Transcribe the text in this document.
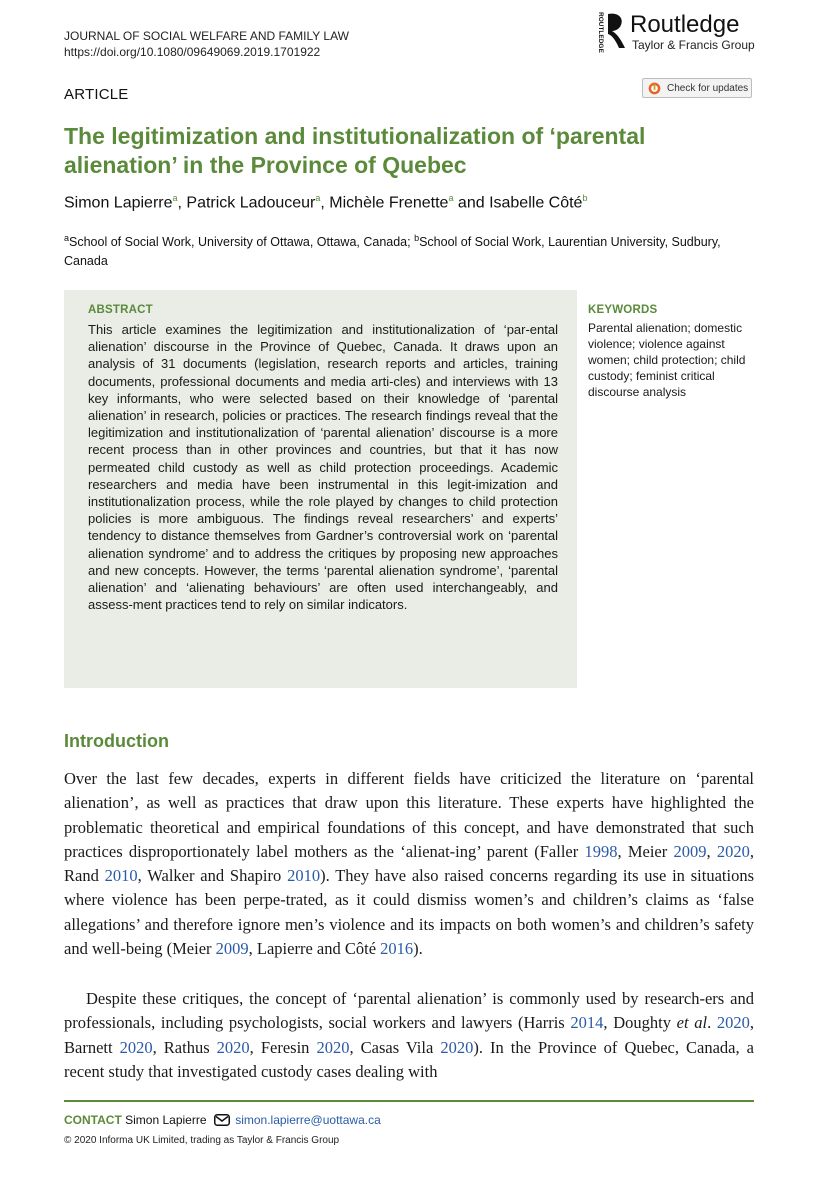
JOURNAL OF SOCIAL WELFARE AND FAMILY LAW
https://doi.org/10.1080/09649069.2019.1701922	ROUTLEDGE Routledge
Taylor & Francis Group
ARTICLE	Check for updates
The legitimization and institutionalization of ‘parental
alienation’ in the Province of Quebec
Simon Lapierre$^a$, Patrick Ladouceur$^a$, Michèle Frenette$^a$ and Isabelle Côté$^b$
$^a$School of Social Work, University of Ottawa, Ottawa, Canada; $^b$School of Social Work, Laurentian University, Sudbury, Canada
ABSTRACT
This article examines the legitimization and institutionalization of ‘par-ental alienation’ discourse in the Province of Quebec, Canada. It draws upon an analysis of 31 documents (legislation, research reports and articles, training documents, professional documents and media arti-cles) and interviews with 13 key informants, who were selected based on their knowledge of ‘parental alienation’ in research, policies or practices. The research findings reveal that the legitimization and institutionalization of ‘parental alienation’ discourse is a more recent process than in other provinces and countries, but that it has now permeated child custody as well as child protection proceedings. Academic researchers and media have been instrumental in this legit-imization and institutionalization process, while the role played by changes to child protection policies is more ambiguous. The findings reveal researchers’ and experts’ tendency to distance themselves from Gardner’s controversial work on ‘parental alienation syndrome’ and to address the critiques by proposing new approaches and new concepts. However, the terms ‘parental alienation syndrome’, ‘parental alienation’ and ‘alienating behaviours’ are often used interchangeably, and assess-ment practices tend to rely on similar indicators.
KEYWORDS
Parental alienation; domestic violence; violence against women; child protection; child custody; feminist critical discourse analysis
Introduction
Over the last few decades, experts in different fields have criticized the literature on ‘parental alienation’, as well as practices that draw upon this literature. These experts have highlighted the problematic theoretical and empirical foundations of this concept, and have demonstrated that such practices disproportionately label mothers as the ‘alienat-ing’ parent (Faller 1998, Meier 2009, 2020, Rand 2010, Walker and Shapiro 2010). They have also raised concerns regarding its use in situations where violence has been perpe-trated, as it could dismiss women’s and children’s claims as ‘false allegations’ and therefore ignore men’s violence and its impacts on both women’s and children’s safety and well-being (Meier 2009, Lapierre and Côté 2016).
Despite these critiques, the concept of ‘parental alienation’ is commonly used by research-ers and professionals, including psychologists, social workers and lawyers (Harris 2014, Doughty et al. 2020, Barnett 2020, Rathus 2020, Feresin 2020, Casas Vila 2020). In the Province of Quebec, Canada, a recent study that investigated custody cases dealing with
CONTACT Simon Lapierre simon.lapierre@uottawa.ca
© 2020 Informa UK Limited, trading as Taylor & Francis Group
